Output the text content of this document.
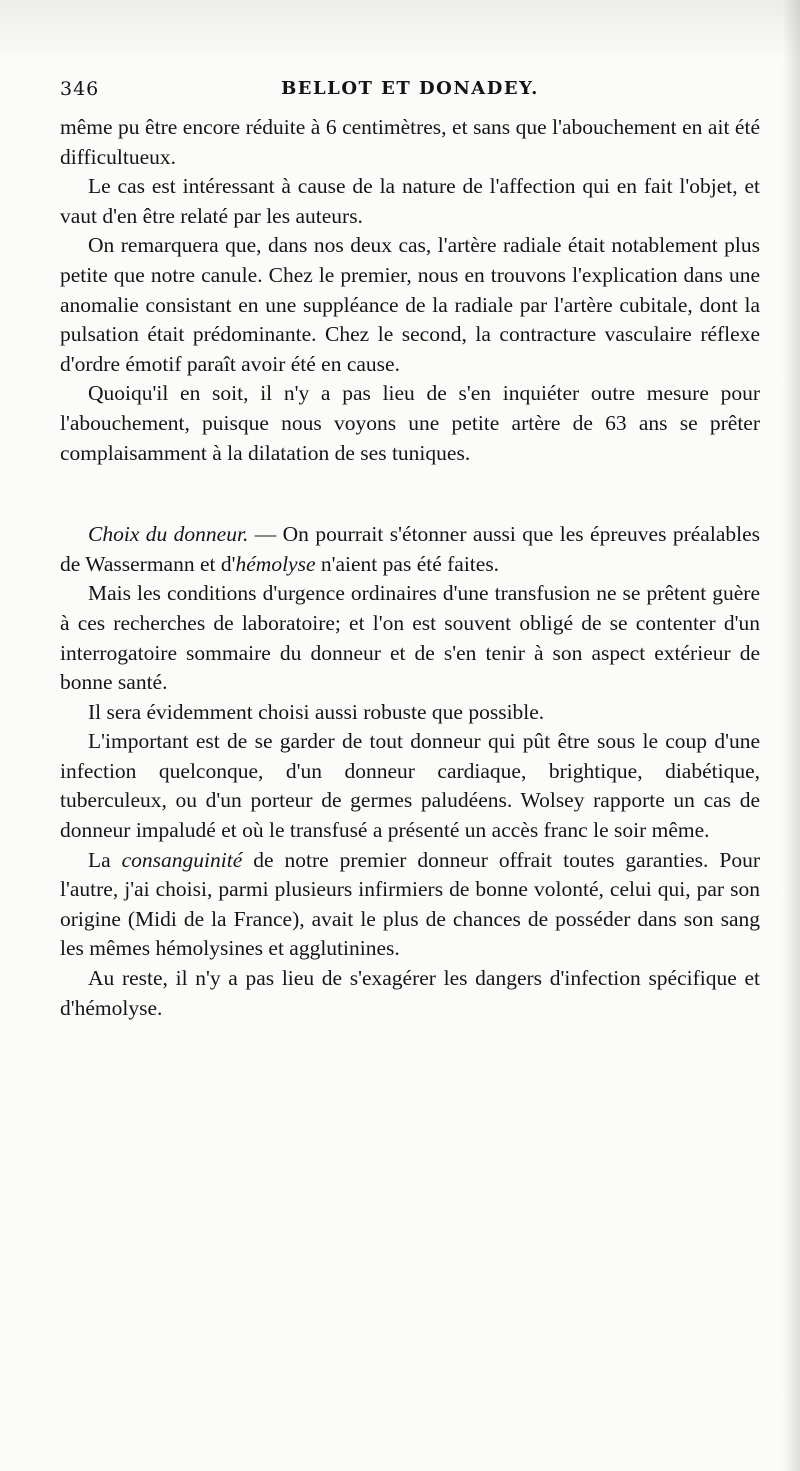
346	BELLOT ET DONADEY.

même pu être encore réduite à 6 centimètres, et sans que l'abouchement en ait été difficultueux.

Le cas est intéressant à cause de la nature de l'affection qui en fait l'objet, et vaut d'en être relaté par les auteurs.

On remarquera que, dans nos deux cas, l'artère radiale était notablement plus petite que notre canule. Chez le premier, nous en trouvons l'explication dans une anomalie consistant en une suppléance de la radiale par l'artère cubitale, dont la pulsation était prédominante. Chez le second, la contracture vasculaire réflexe d'ordre émotif paraît avoir été en cause.

Quoiqu'il en soit, il n'y a pas lieu de s'en inquiéter outre mesure pour l'abouchement, puisque nous voyons une petite artère de 63 ans se prêter complaisamment à la dilatation de ses tuniques.

Choix du donneur. — On pourrait s'étonner aussi que les épreuves préalables de Wassermann et d'hémolyse n'aient pas été faites.

Mais les conditions d'urgence ordinaires d'une transfusion ne se prêtent guère à ces recherches de laboratoire; et l'on est souvent obligé de se contenter d'un interrogatoire sommaire du donneur et de s'en tenir à son aspect extérieur de bonne santé.

Il sera évidemment choisi aussi robuste que possible.

L'important est de se garder de tout donneur qui pût être sous le coup d'une infection quelconque, d'un donneur cardiaque, brightique, diabétique, tuberculeux, ou d'un porteur de germes paludéens. Wolsey rapporte un cas de donneur impaludé et où le transfusé a présenté un accès franc le soir même.

La consanguinité de notre premier donneur offrait toutes garanties. Pour l'autre, j'ai choisi, parmi plusieurs infirmiers de bonne volonté, celui qui, par son origine (Midi de la France), avait le plus de chances de posséder dans son sang les mêmes hémolysines et agglutinines.

Au reste, il n'y a pas lieu de s'exagérer les dangers d'infection spécifique et d'hémolyse.
